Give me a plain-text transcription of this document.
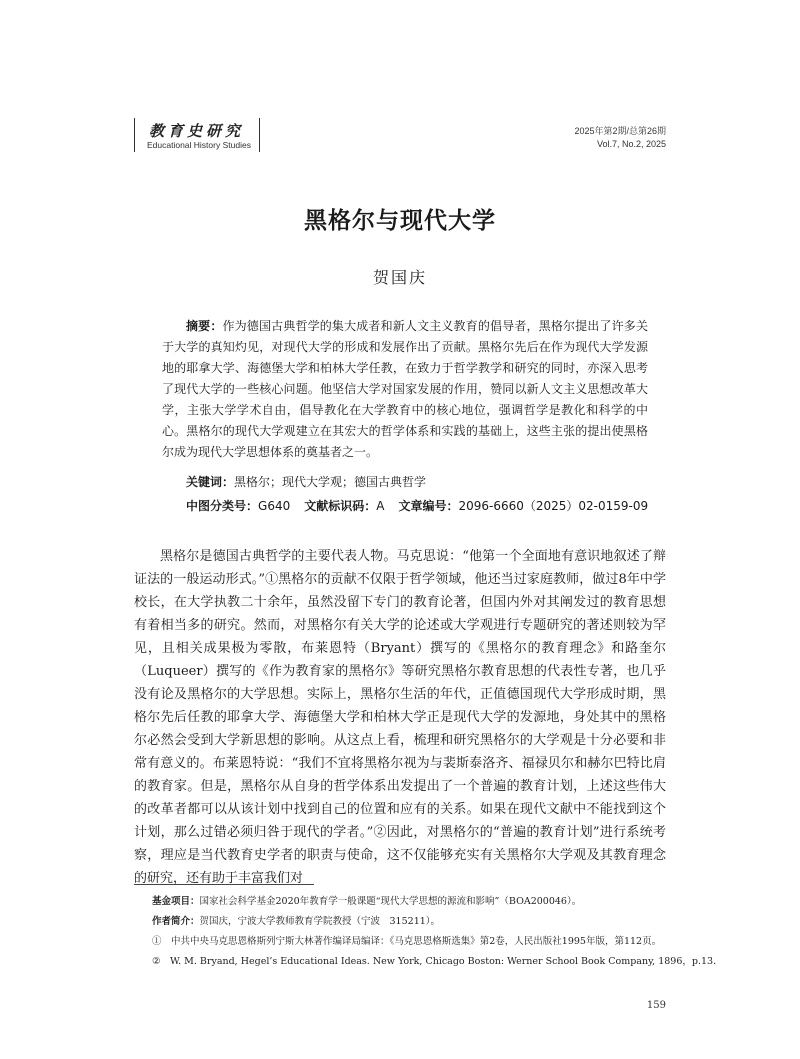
教育史研究
Educational History Studies
2025年第2期/总第26期
Vol.7, No.2, 2025
黑格尔与现代大学
贺国庆
摘要：作为德国古典哲学的集大成者和新人文主义教育的倡导者，黑格尔提出了许多关于大学的真知灼见，对现代大学的形成和发展作出了贡献。黑格尔先后在作为现代大学发源地的耶拿大学、海德堡大学和柏林大学任教，在致力于哲学教学和研究的同时，亦深入思考了现代大学的一些核心问题。他坚信大学对国家发展的作用，赞同以新人文主义思想改革大学，主张大学学术自由，倡导教化在大学教育中的核心地位，强调哲学是教化和科学的中心。黑格尔的现代大学观建立在其宏大的哲学体系和实践的基础上，这些主张的提出使黑格尔成为现代大学思想体系的奠基者之一。
关键词：黑格尔；现代大学观；德国古典哲学
中图分类号：G640 文献标识码：A 文章编号：2096-6660（2025）02-0159-09

黑格尔是德国古典哲学的主要代表人物。马克思说：“他第一个全面地有意识地叙述了辩证法的一般运动形式。”①黑格尔的贡献不仅限于哲学领域，他还当过家庭教师，做过8年中学校长，在大学执教二十余年，虽然没留下专门的教育论著，但国内外对其阐发过的教育思想有着相当多的研究。然而，对黑格尔有关大学的论述或大学观进行专题研究的著述则较为罕见，且相关成果极为零散，布莱恩特（Bryant）撰写的《黑格尔的教育理念》和路奎尔（Luqueer）撰写的《作为教育家的黑格尔》等研究黑格尔教育思想的代表性专著，也几乎没有论及黑格尔的大学思想。实际上，黑格尔生活的年代，正值德国现代大学形成时期，黑格尔先后任教的耶拿大学、海德堡大学和柏林大学正是现代大学的发源地，身处其中的黑格尔必然会受到大学新思想的影响。从这点上看，梳理和研究黑格尔的大学观是十分必要和非常有意义的。布莱恩特说：“我们不宜将黑格尔视为与裴斯泰洛齐、福禄贝尔和赫尔巴特比肩的教育家。但是，黑格尔从自身的哲学体系出发提出了一个普遍的教育计划，上述这些伟大的改革者都可以从该计划中找到自己的位置和应有的关系。如果在现代文献中不能找到这个计划，那么过错必须归咎于现代的学者。”②因此，对黑格尔的“普遍的教育计划”进行系统考察，理应是当代教育史学者的职责与使命，这不仅能够充实有关黑格尔大学观及其教育理念的研究，还有助于丰富我们对

基金项目：国家社会科学基金2020年教育学一般课题“现代大学思想的源流和影响”（BOA200046）。
作者简介：贺国庆，宁波大学教师教育学院教授（宁波　315211）。
①　中共中央马克思恩格斯列宁斯大林著作编译局编译：《马克思恩格斯选集》第2卷，人民出版社1995年版，第112页。
②　W. M. Bryand, Hegel’s Educational Ideas. New York, Chicago Boston: Werner School Book Company, 1896，p.13.
159
